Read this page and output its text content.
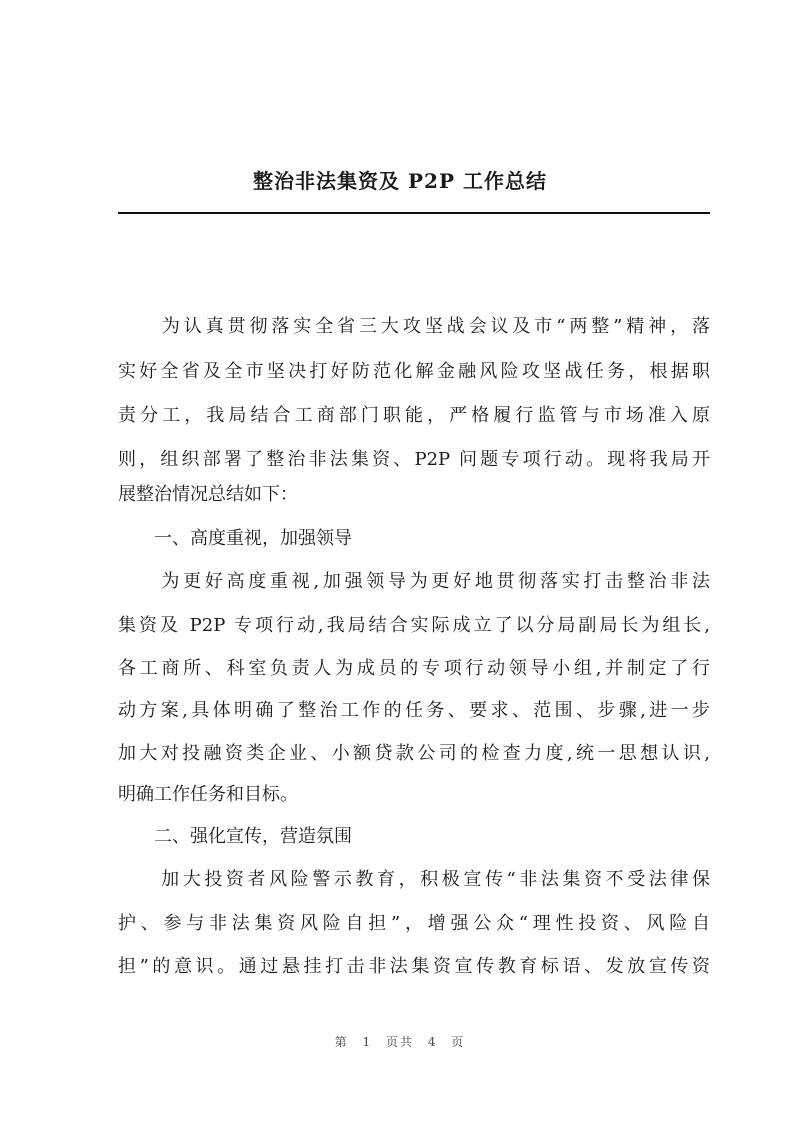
整治非法集资及 P2P 工作总结
　　为认真贯彻落实全省三大攻坚战会议及市“两整”精神，落
实好全省及全市坚决打好防范化解金融风险攻坚战任务，根据职
责分工，我局结合工商部门职能，严格履行监管与市场准入原
则，组织部署了整治非法集资、P2P 问题专项行动。现将我局开
展整治情况总结如下：
　　一、高度重视，加强领导
　　为更好高度重视,加强领导为更好地贯彻落实打击整治非法
集资及 P2P 专项行动,我局结合实际成立了以分局副局长为组长,
各工商所、科室负责人为成员的专项行动领导小组,并制定了行
动方案,具体明确了整治工作的任务、要求、范围、步骤,进一步
加大对投融资类企业、小额贷款公司的检查力度,统一思想认识,
明确工作任务和目标。
　　二、强化宣传，营造氛围
　　加大投资者风险警示教育，积极宣传“非法集资不受法律保
护、参与非法集资风险自担”，增强公众“理性投资、风险自
担”的意识。通过悬挂打击非法集资宣传教育标语、发放宣传资
第 1 页共 4 页
